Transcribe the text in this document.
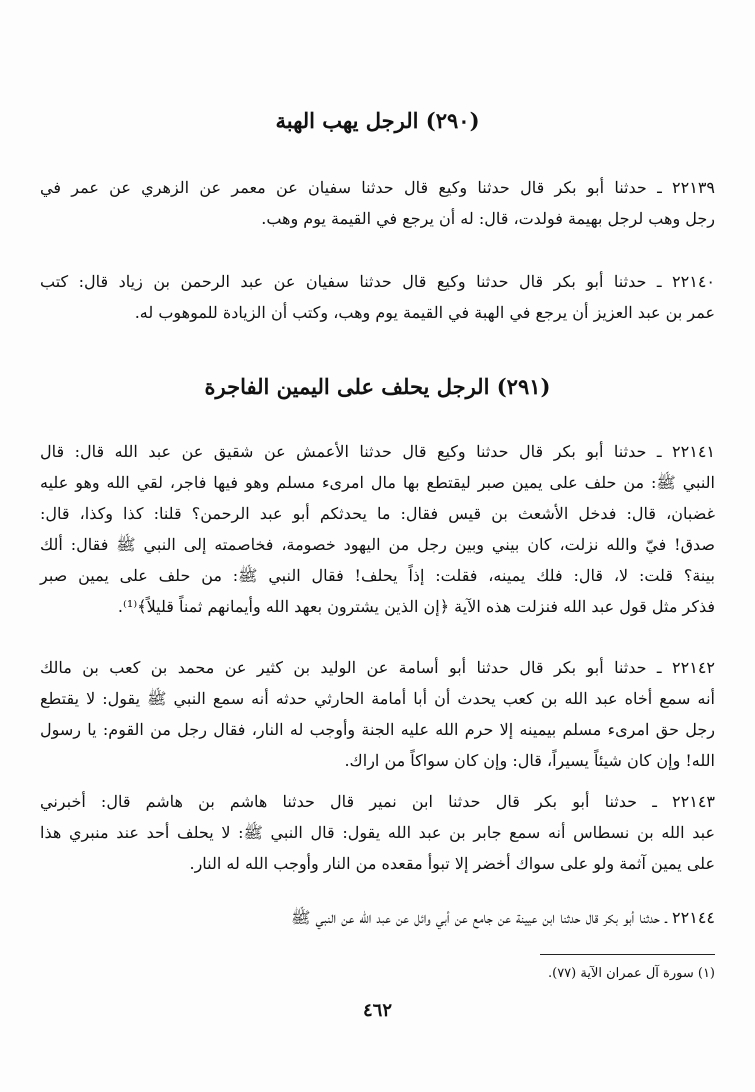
(٢٩٠) الرجل يهب الهبة

٢٢١٣٩ ـ حدثنا أبو بكر قال حدثنا وكيع قال حدثنا سفيان عن معمر عن الزهري عن عمر في
رجل وهب لرجل بهيمة فولدت، قال: له أن يرجع في القيمة يوم وهب.

٢٢١٤٠ ـ حدثنا أبو بكر قال حدثنا وكيع قال حدثنا سفيان عن عبد الرحمن بن زياد قال: كتب
عمر بن عبد العزيز أن يرجع في الهبة في القيمة يوم وهب، وكتب أن الزيادة للموهوب له.

(٢٩١) الرجل يحلف على اليمين الفاجرة

٢٢١٤١ ـ حدثنا أبو بكر قال حدثنا وكيع قال حدثنا الأعمش عن شقيق عن عبد الله قال: قال
النبي ﷺ: من حلف على يمين صبر ليقتطع بها مال امرىء مسلم وهو فيها فاجر، لقي الله وهو عليه
غضبان، قال: فدخل الأشعث بن قيس فقال: ما يحدثكم أبو عبد الرحمن؟ قلنا: كذا وكذا، قال:
صدق! فيّ والله نزلت، كان بيني وبين رجل من اليهود خصومة، فخاصمته إلى النبي ﷺ فقال: ألك
بينة؟ قلت: لا، قال: فلك يمينه، فقلت: إذاً يحلف! فقال النبي ﷺ: من حلف على يمين صبر
فذكر مثل قول عبد الله فنزلت هذه الآية ﴿إن الذين يشترون بعهد الله وأيمانهم ثمناً قليلاً﴾⁽¹⁾.

٢٢١٤٢ ـ حدثنا أبو بكر قال حدثنا أبو أسامة عن الوليد بن كثير عن محمد بن كعب بن مالك
أنه سمع أخاه عبد الله بن كعب يحدث أن أبا أمامة الحارثي حدثه أنه سمع النبي ﷺ يقول: لا يقتطع
رجل حق امرىء مسلم بيمينه إلا حرم الله عليه الجنة وأوجب له النار، فقال رجل من القوم: يا رسول
الله! وإن كان شيئاً يسيراً، قال: وإن كان سواكاً من اراك.

٢٢١٤٣ ـ حدثنا أبو بكر قال حدثنا ابن نمير قال حدثنا هاشم بن هاشم قال: أخبرني
عبد الله بن نسطاس أنه سمع جابر بن عبد الله يقول: قال النبي ﷺ: لا يحلف أحد عند منبري هذا
على يمين آثمة ولو على سواك أخضر إلا تبوأ مقعده من النار وأوجب الله له النار.

٢٢١٤٤ ـ حدثنا أبو بكر قال حدثنا ابن عيينة عن جامع عن أبي وائل عن عبد الله عن النبي ﷺ

(١) سورة آل عمران الآية (٧٧).

٤٦٢
